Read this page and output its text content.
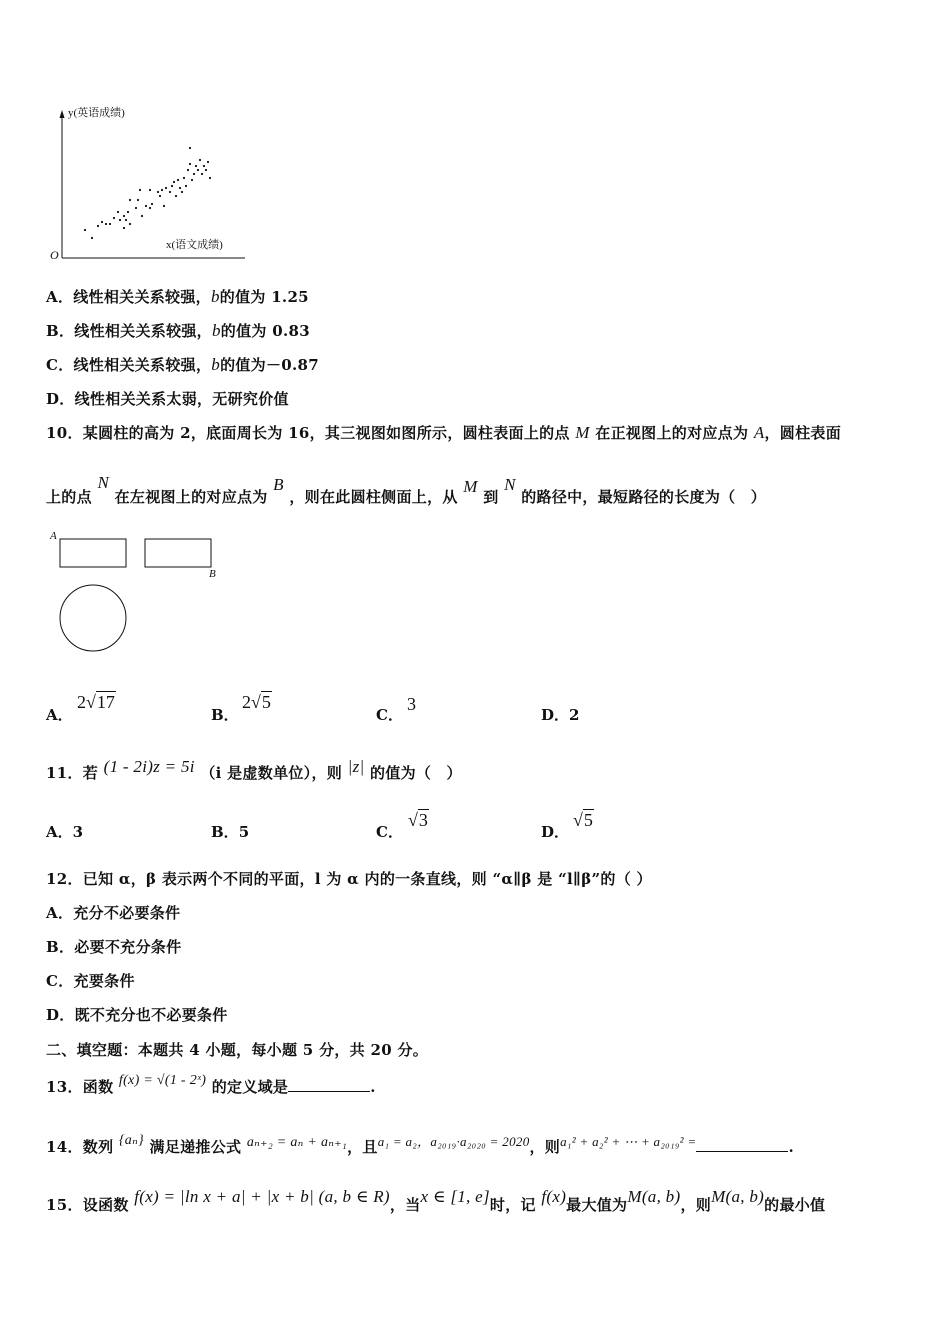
y(英语成绩)
x(语文成绩)
O
A．线性相关关系较强，b的值为 1.25
B．线性相关关系较强，b的值为 0.83
C．线性相关关系较强，b的值为－0.87
D．线性相关关系太弱，无研究价值
10．某圆柱的高为 2，底面周长为 16，其三视图如图所示，圆柱表面上的点 M 在正视图上的对应点为 A，圆柱表面
上的点 N 在左视图上的对应点为 B ，则在此圆柱侧面上，从 M 到 N 的路径中，最短路径的长度为（　）
A
B
A．
2√17
B．
2√5
C．
3
D．2
11．若 (1 - 2i)z = 5i （i 是虚数单位），则 |z| 的值为（　）
A．3	B．5	C．
√3
D．
√5
12．已知 α，β 表示两个不同的平面，l 为 α 内的一条直线，则 “α∥β 是 “l∥β”的（ ）
A．充分不必要条件
B．必要不充分条件
C．充要条件
D．既不充分也不必要条件
二、填空题：本题共 4 小题，每小题 5 分，共 20 分。
13．函数 f(x) = √(1 - 2ˣ) 的定义域是	.
14．数列 {aₙ} 满足递推公式 aₙ₊₂ = aₙ + aₙ₊₁，且a₁ = a₂，a₂₀₁₉·a₂₀₂₀ = 2020，则a₁² + a₂² + ⋯ + a₂₀₁₉² =	.
15．设函数 f(x) = |ln x + a| + |x + b| (a, b ∈ R)，当x ∈ [1, e]时，记 f(x)最大值为M(a, b)，则M(a, b)的最小值
